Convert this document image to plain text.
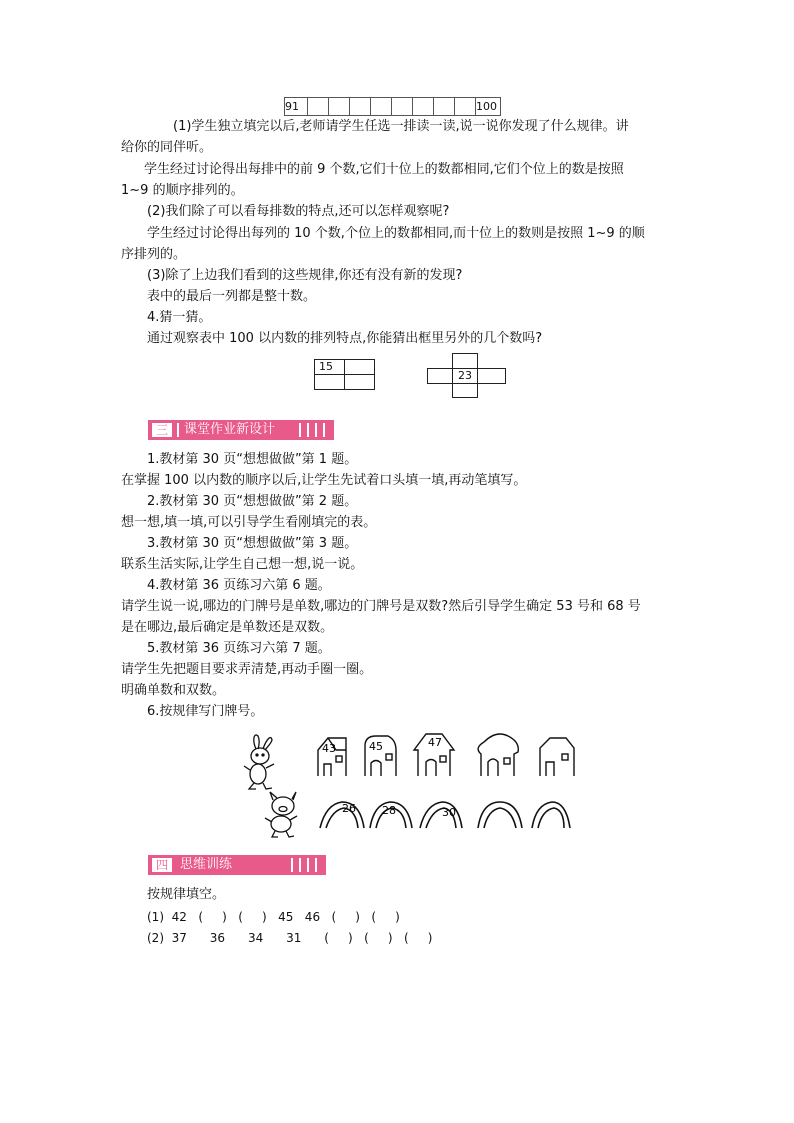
91									100
(1)学生独立填完以后,老师请学生任选一排读一读,说一说你发现了什么规律。讲
给你的同伴听。
学生经过讨论得出每排中的前 9 个数,它们十位上的数都相同,它们个位上的数是按照
1~9 的顺序排列的。
(2)我们除了可以看每排数的特点,还可以怎样观察呢?
学生经过讨论得出每列的 10 个数,个位上的数都相同,而十位上的数则是按照 1~9 的顺
序排列的。
(3)除了上边我们看到的这些规律,你还有没有新的发现?
表中的最后一列都是整十数。
4.猜一猜。
通过观察表中 100 以内数的排列特点,你能猜出框里另外的几个数吗?
15
23
三	课堂作业新设计
1.教材第 30 页“想想做做”第 1 题。
在掌握 100 以内数的顺序以后,让学生先试着口头填一填,再动笔填写。
2.教材第 30 页“想想做做”第 2 题。
想一想,填一填,可以引导学生看刚填完的表。
3.教材第 30 页“想想做做”第 3 题。
联系生活实际,让学生自己想一想,说一说。
4.教材第 36 页练习六第 6 题。
请学生说一说,哪边的门牌号是单数,哪边的门牌号是双数?然后引导学生确定 53 号和 68 号
是在哪边,最后确定是单数还是双数。
5.教材第 36 页练习六第 7 题。
请学生先把题目要求弄清楚,再动手圈一圈。
明确单数和双数。
6.按规律写门牌号。
43	45	47
26 28	30
四 思维训练
按规律填空。
(1)  42   (     )   (     )   45   46   (     )   (     )
(2)  37      36      34      31      (     )   (     )   (     )
